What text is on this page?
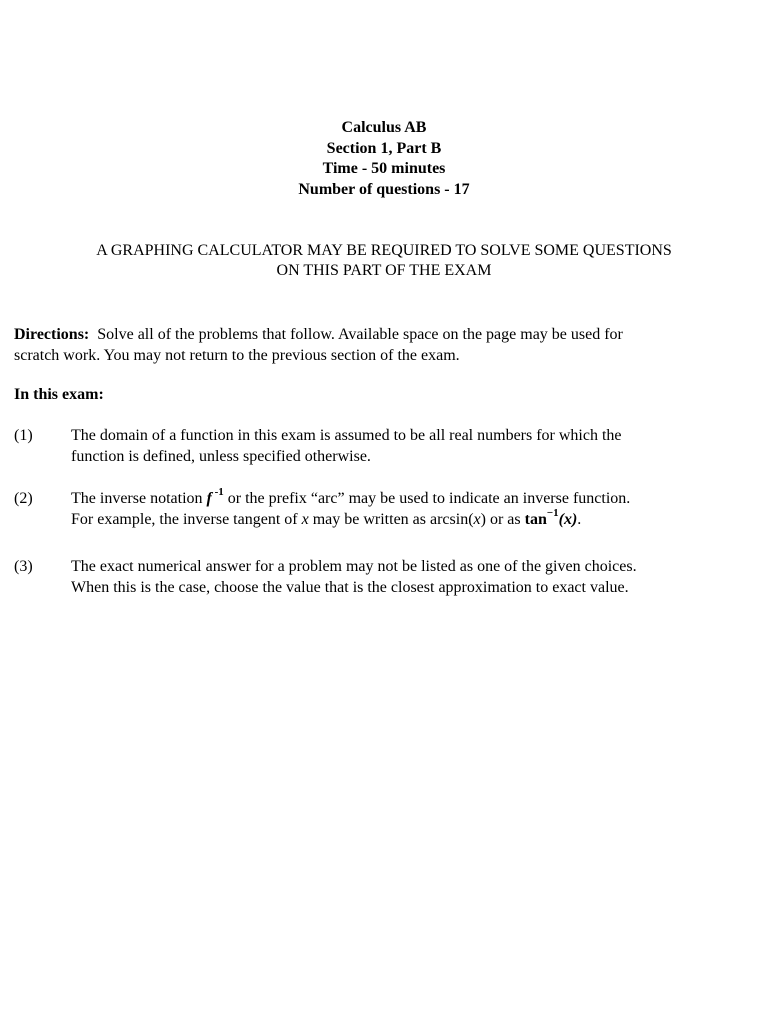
Calculus AB
Section 1, Part B
Time - 50 minutes
Number of questions - 17
A GRAPHING CALCULATOR MAY BE REQUIRED TO SOLVE SOME QUESTIONS
ON THIS PART OF THE EXAM
Directions: Solve all of the problems that follow. Available space on the page may be used for
scratch work. You may not return to the previous section of the exam.
In this exam:
(1) The domain of a function in this exam is assumed to be all real numbers for which the
function is defined, unless specified otherwise.
(2) The inverse notation f $^{-1}$ or the prefix “arc” may be used to indicate an inverse function.
For example, the inverse tangent of x may be written as arcsin(x) or as $\tan^{-1}(x)$.
(3) The exact numerical answer for a problem may not be listed as one of the given choices.
When this is the case, choose the value that is the closest approximation to exact value.
